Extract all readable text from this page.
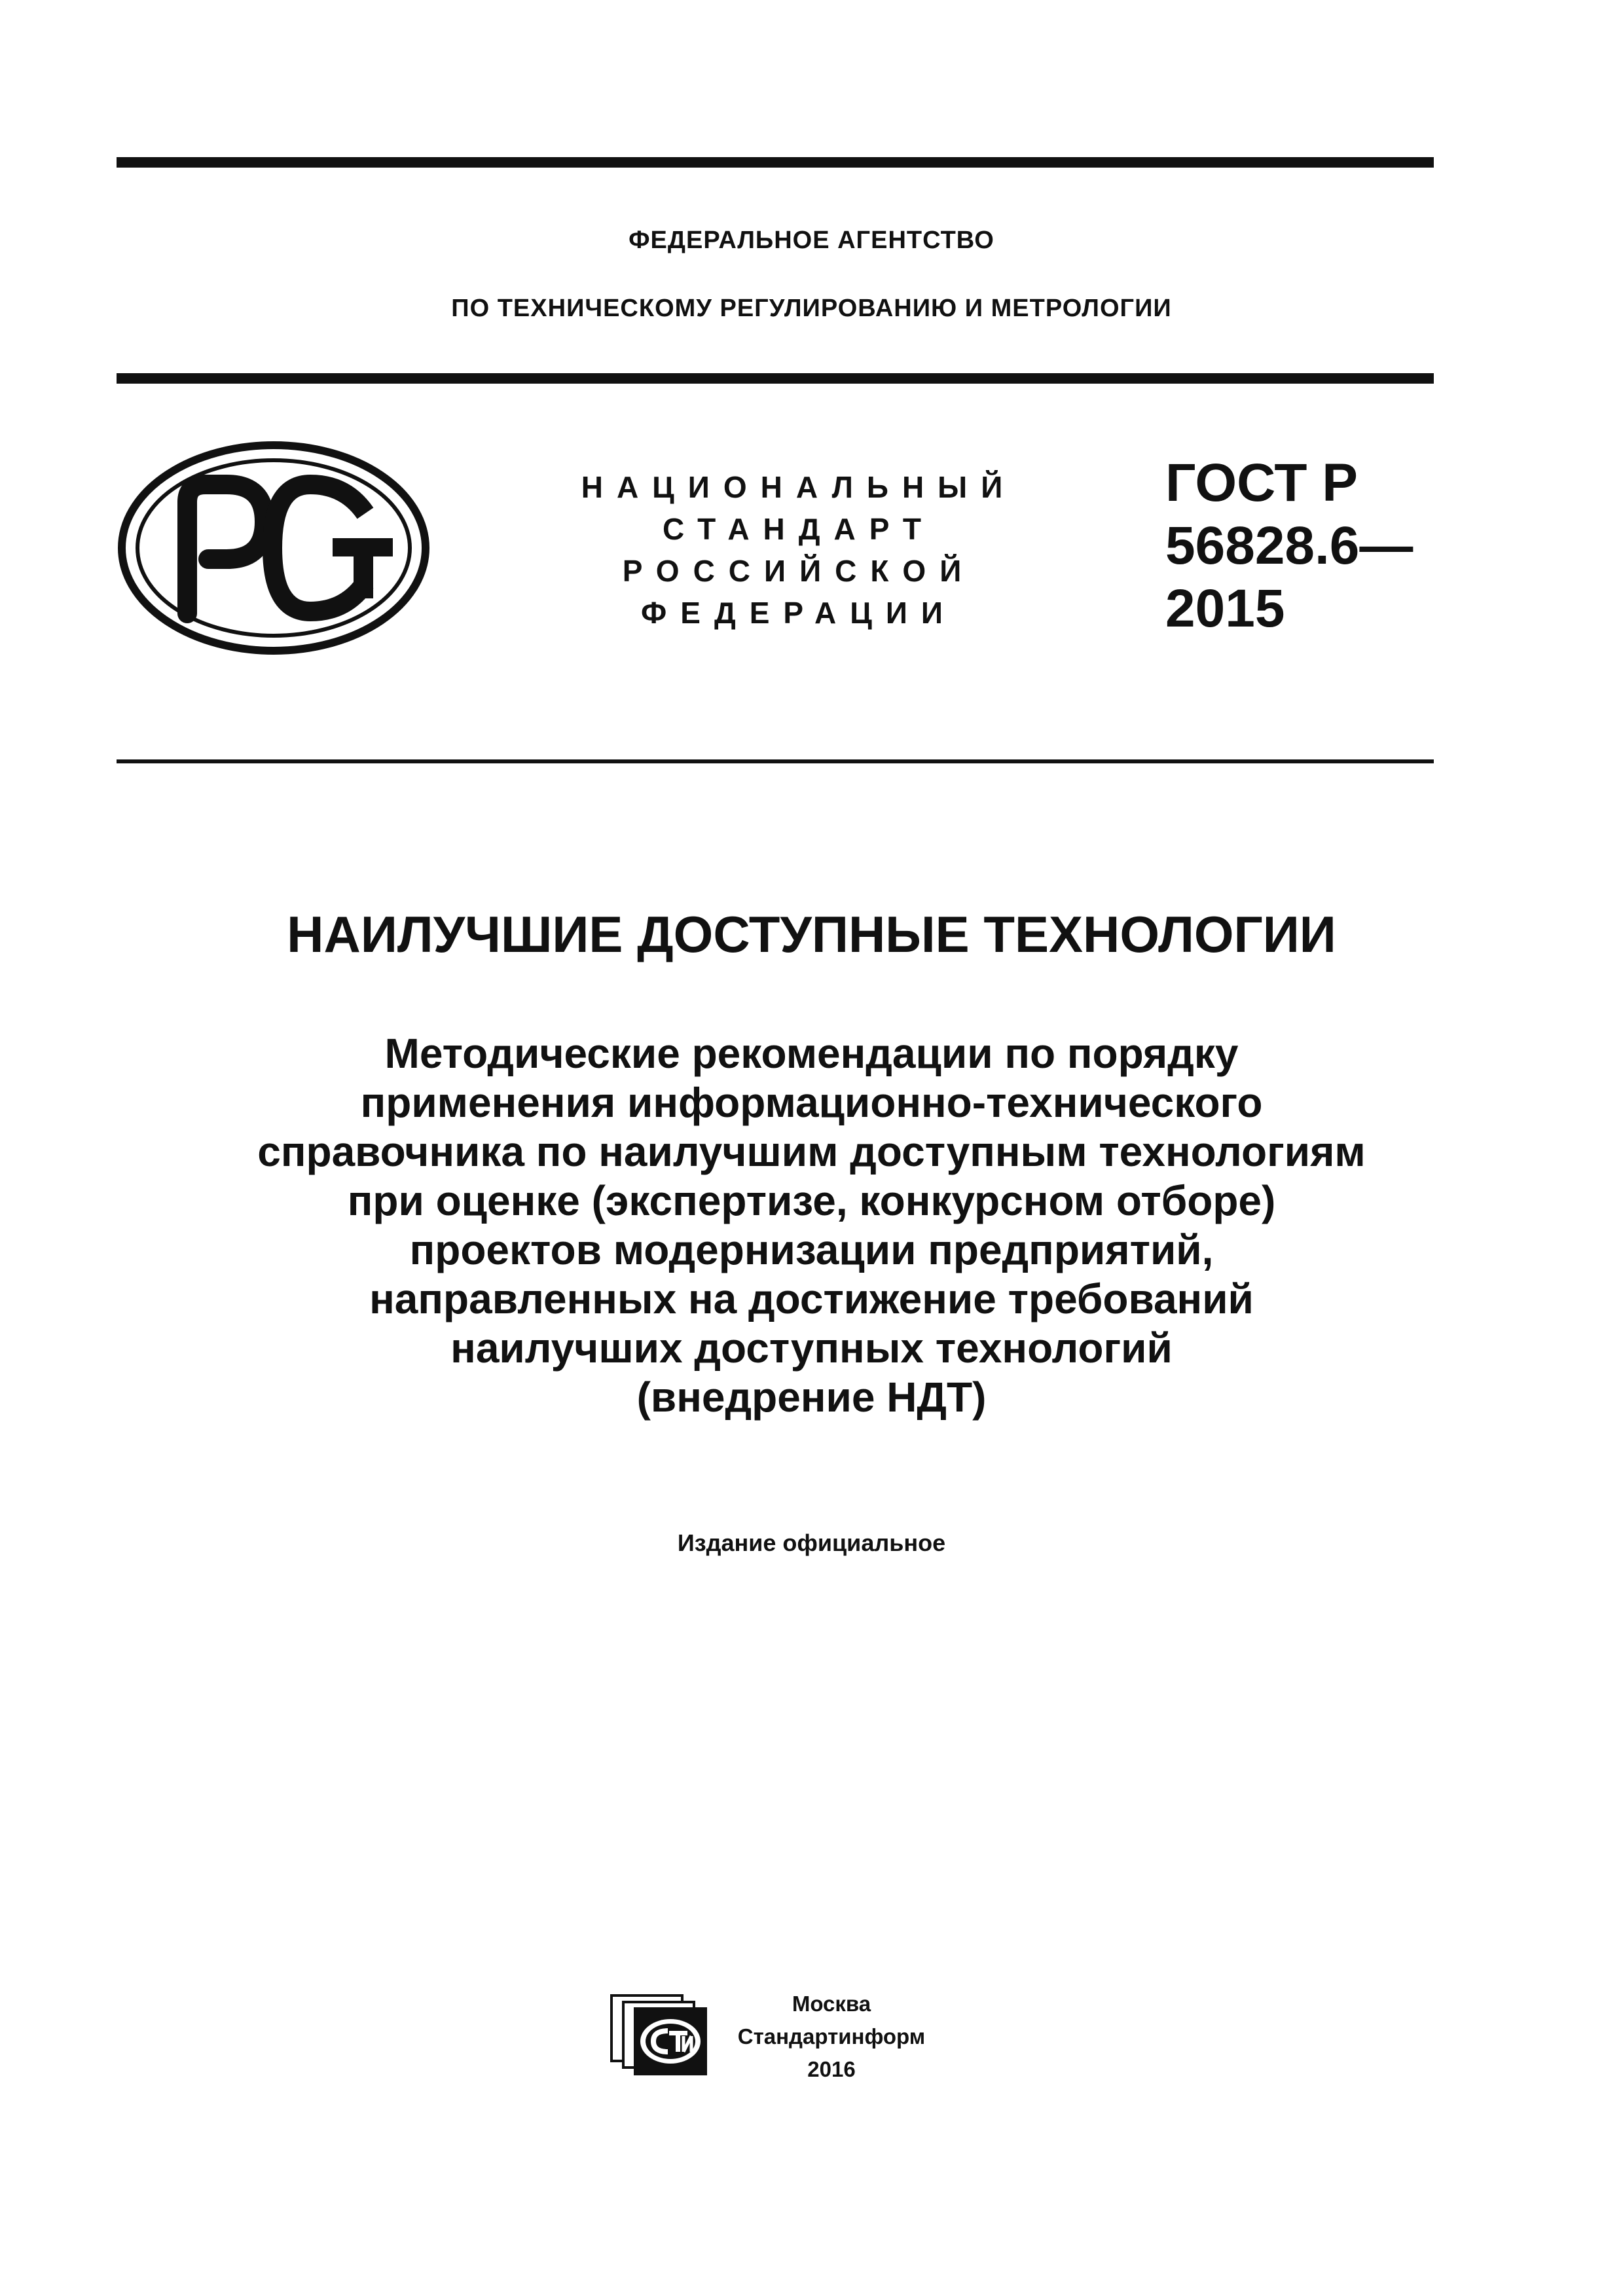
ФЕДЕРАЛЬНОЕ АГЕНТСТВО
ПО ТЕХНИЧЕСКОМУ РЕГУЛИРОВАНИЮ И МЕТРОЛОГИИ
НАЦИОНАЛЬНЫЙ
СТАНДАРТ
РОССИЙСКОЙ
ФЕДЕРАЦИИ
ГОСТ Р
56828.6—
2015
НАИЛУЧШИЕ ДОСТУПНЫЕ ТЕХНОЛОГИИ
Методические рекомендации по порядку
применения информационно-технического
справочника по наилучшим доступным технологиям
при оценке (экспертизе, конкурсном отборе)
проектов модернизации предприятий,
направленных на достижение требований
наилучших доступных технологий
(внедрение НДТ)
Издание официальное
Москва
Стандартинформ
2016
